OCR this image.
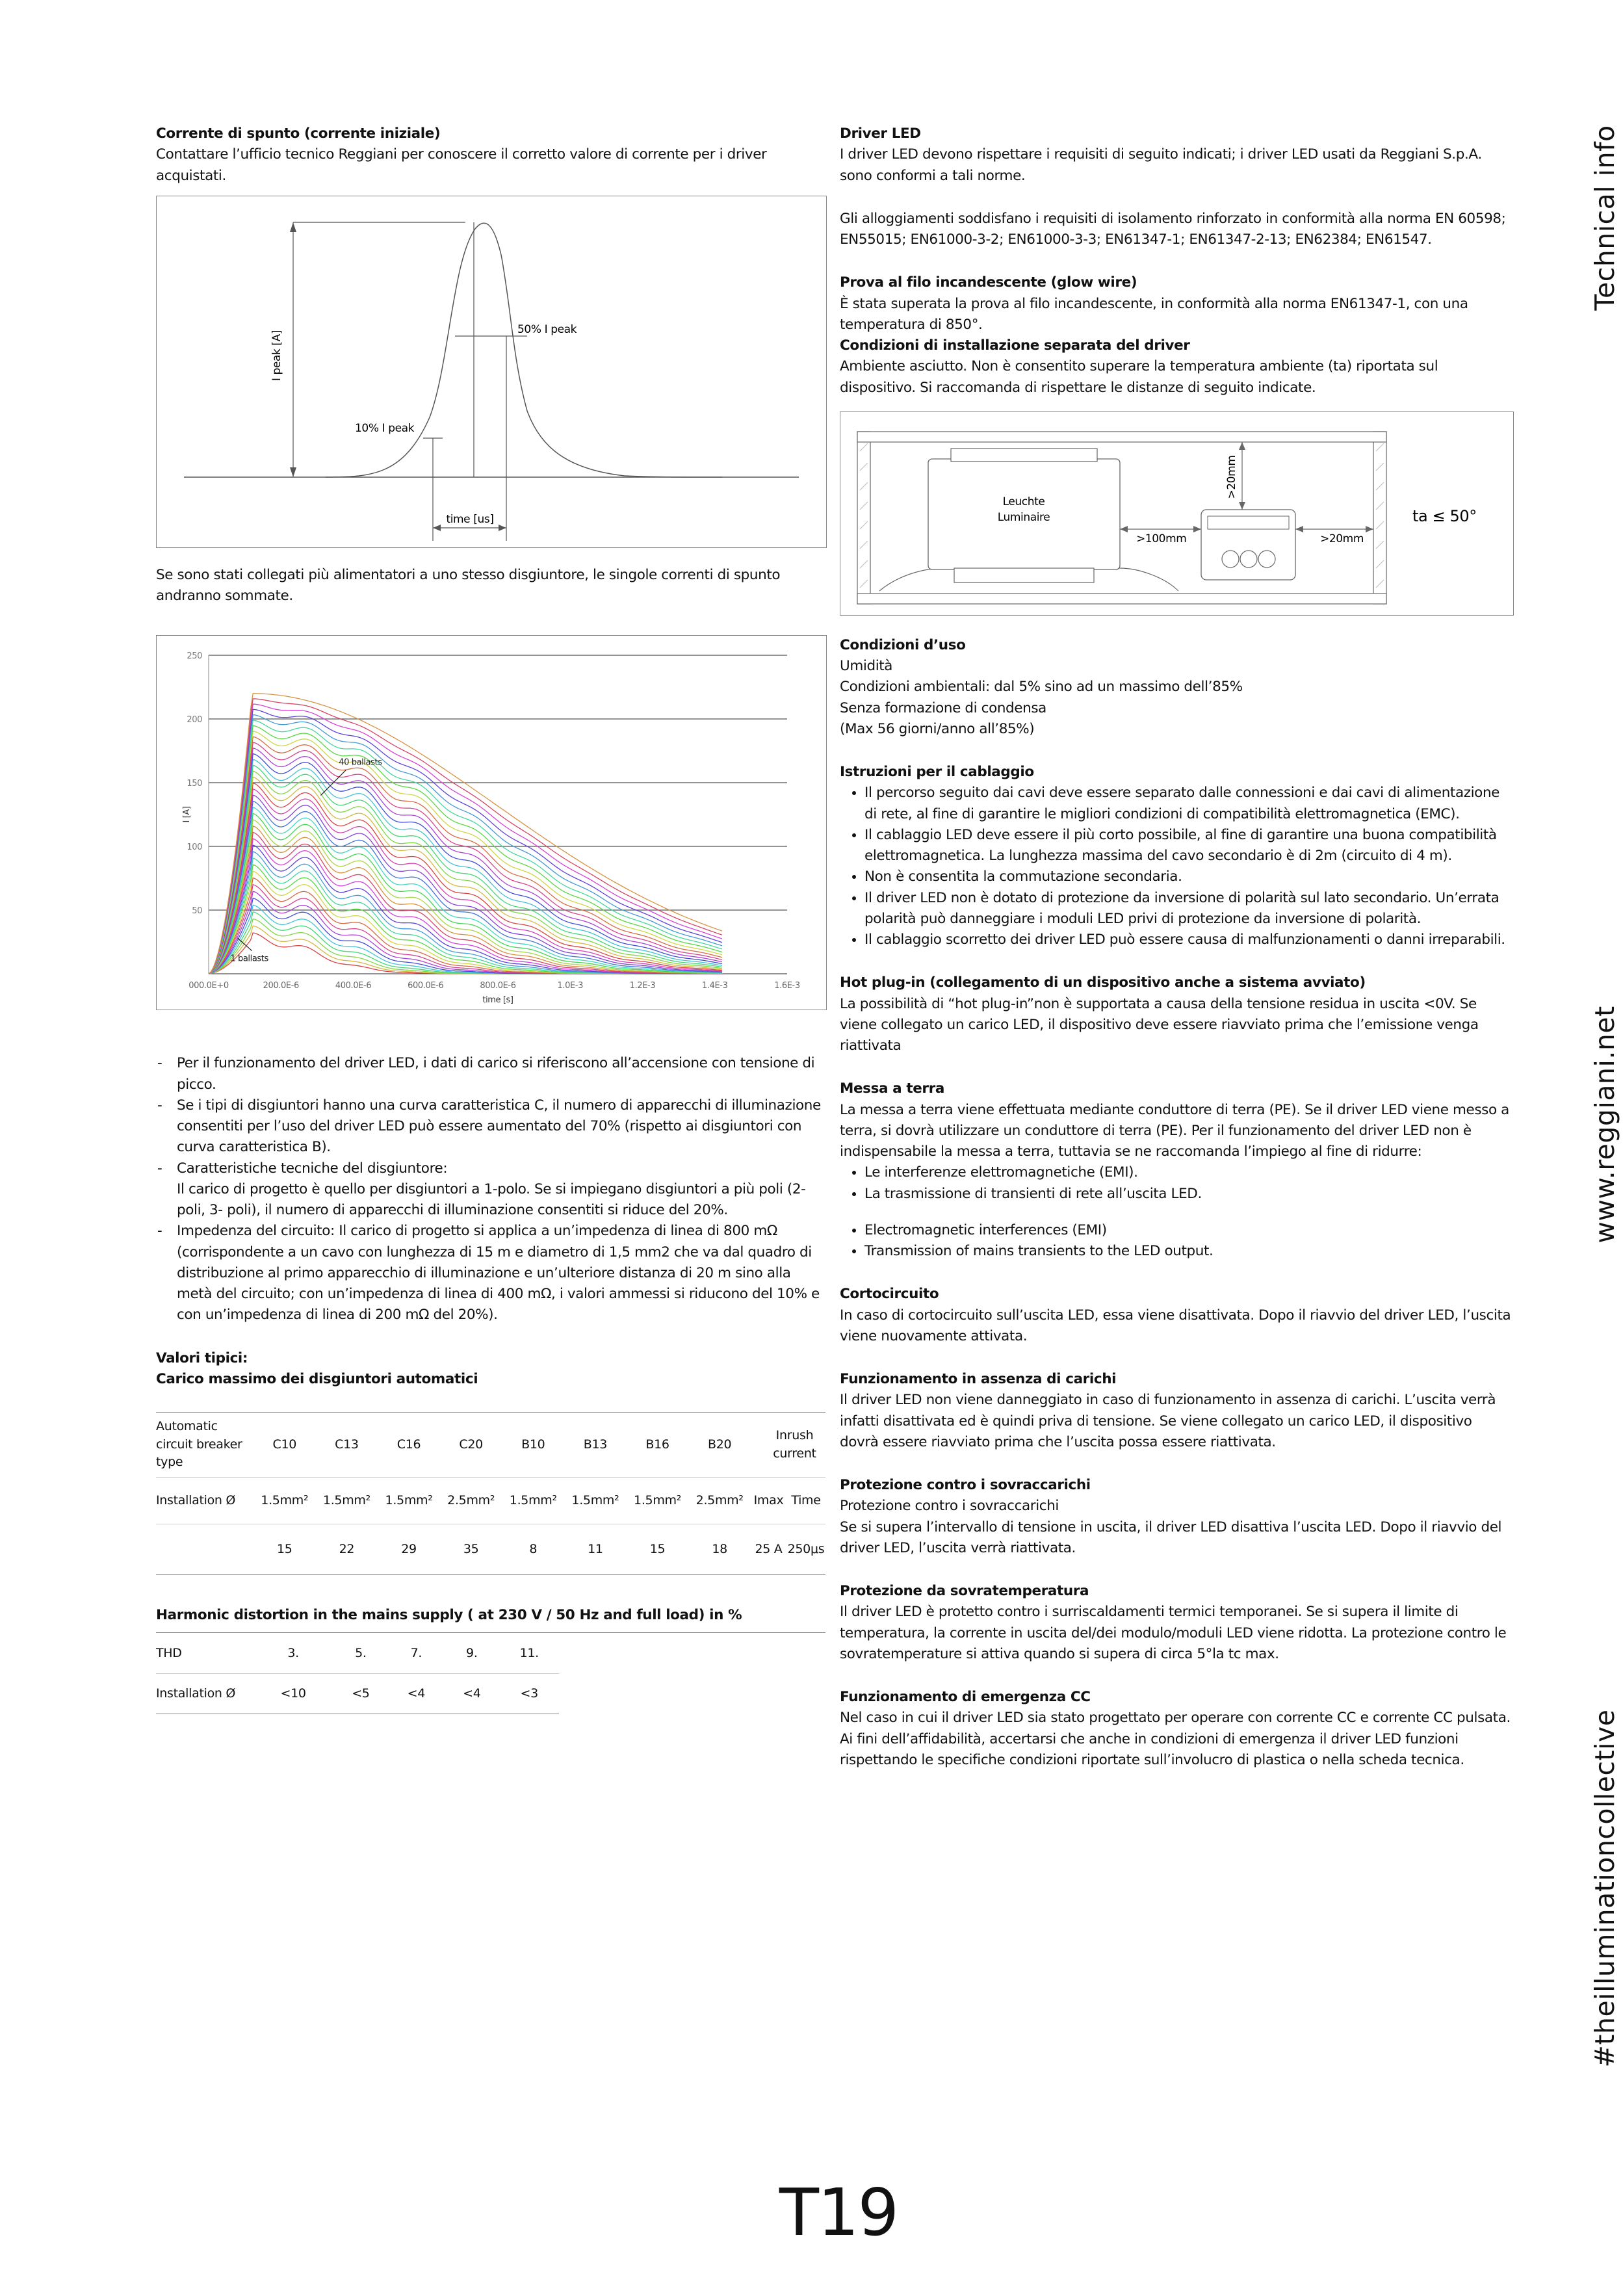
Corrente di spunto (corrente iniziale)

Contattare l’ufficio tecnico Reggiani per conoscere il corretto valore di corrente per i driver acquistati.

I peak [A]
50% I peak
10% I peak
time [us]

Se sono stati collegati più alimentatori a uno stesso disgiuntore, le singole correnti di spunto andranno sommate.

250
200
150
100
50
000.0E+0	200.0E-6	400.0E-6	600.0E-6	800.0E-6	1.0E-3	1.2E-3	1.4E-3	1.6E-3
time [s]
I [A]
40 ballasts
1 ballasts
- Per il funzionamento del driver LED, i dati di carico si riferiscono all’accensione con tensione di picco.
- Se i tipi di disgiuntori hanno una curva caratteristica C, il numero di apparecchi di illuminazione consentiti per l’uso del driver LED può essere aumentato del 70% (rispetto ai disgiuntori con curva caratteristica B).
- Caratteristiche tecniche del disgiuntore:
Il carico di progetto è quello per disgiuntori a 1-polo. Se si impiegano disgiuntori a più poli (2-poli, 3- poli), il numero di apparecchi di illuminazione consentiti si riduce del 20%.
- Impedenza del circuito: Il carico di progetto si applica a un’impedenza di linea di 800 mΩ (corrispondente a un cavo con lunghezza di 15 m e diametro di 1,5 mm2 che va dal quadro di distribuzione al primo apparecchio di illuminazione e un’ulteriore distanza di 20 m sino alla metà del circuito; con un’impedenza di linea di 400 mΩ, i valori ammessi si riducono del 10% e con un’impedenza di linea di 200 mΩ del 20%).

Valori tipici:

Carico massimo dei disgiuntori automatici

Automatic circuit breaker type	C10	C13	C16	C20	B10	B13	B16	B20	Inrush current	
Installation Ø	1.5mm²	1.5mm²	1.5mm²	2.5mm²	1.5mm²	1.5mm²	1.5mm²	2.5mm²	Imax	Time
	15	22	29	35	8	11	15	18	25 A	250μs

Harmonic distortion in the mains supply ( at 230 V / 50 Hz and full load) in %

THD	3.	5.	7.	9.	11.
Installation Ø	<10	<5	<4	<4	<3

Driver LED

I driver LED devono rispettare i requisiti di seguito indicati; i driver LED usati da Reggiani S.p.A. sono conformi a tali norme.

Gli alloggiamenti soddisfano i requisiti di isolamento rinforzato in conformità alla norma EN 60598;

EN55015; EN61000-3-2; EN61000-3-3; EN61347-1; EN61347-2-13; EN62384; EN61547.

Prova al filo incandescente (glow wire)

È stata superata la prova al filo incandescente, in conformità alla norma EN61347-1, con una temperatura di 850°.

Condizioni di installazione separata del driver

Ambiente asciutto. Non è consentito superare la temperatura ambiente (ta) riportata sul dispositivo. Si raccomanda di rispettare le distanze di seguito indicate.

Leuchte
Luminaire
>100mm
>20mm
>20mm
ta ≤ 50°

Condizioni d’uso

Umidità

Condizioni ambientali: dal 5% sino ad un massimo dell’85%

Senza formazione di condensa

(Max 56 giorni/anno all’85%)

Istruzioni per il cablaggio

• Il percorso seguito dai cavi deve essere separato dalle connessioni e dai cavi di alimentazione di rete, al fine di garantire le migliori condizioni di compatibilità elettromagnetica (EMC).
• Il cablaggio LED deve essere il più corto possibile, al fine di garantire una buona compatibilità elettromagnetica. La lunghezza massima del cavo secondario è di 2m (circuito di 4 m).
• Non è consentita la commutazione secondaria.
• Il driver LED non è dotato di protezione da inversione di polarità sul lato secondario. Un’errata polarità può danneggiare i moduli LED privi di protezione da inversione di polarità.
• Il cablaggio scorretto dei driver LED può essere causa di malfunzionamenti o danni irreparabili.

Hot plug-in (collegamento di un dispositivo anche a sistema avviato)

La possibilità di “hot plug-in”non è supportata a causa della tensione residua in uscita <0V. Se viene collegato un carico LED, il dispositivo deve essere riavviato prima che l’emissione venga riattivata

Messa a terra

La messa a terra viene effettuata mediante conduttore di terra (PE). Se il driver LED viene messo a terra, si dovrà utilizzare un conduttore di terra (PE). Per il funzionamento del driver LED non è indispensabile la messa a terra, tuttavia se ne raccomanda l’impiego al fine di ridurre:

• Le interferenze elettromagnetiche (EMI).
• La trasmissione di transienti di rete all’uscita LED.
• Electromagnetic interferences (EMI)
• Transmission of mains transients to the LED output.

Cortocircuito

In caso di cortocircuito sull’uscita LED, essa viene disattivata. Dopo il riavvio del driver LED, l’uscita viene nuovamente attivata.

Funzionamento in assenza di carichi

Il driver LED non viene danneggiato in caso di funzionamento in assenza di carichi. L’uscita verrà infatti disattivata ed è quindi priva di tensione. Se viene collegato un carico LED, il dispositivo dovrà essere riavviato prima che l’uscita possa essere riattivata.

Protezione contro i sovraccarichi

Protezione contro i sovraccarichi

Se si supera l’intervallo di tensione in uscita, il driver LED disattiva l’uscita LED. Dopo il riavvio del driver LED, l’uscita verrà riattivata.

Protezione da sovratemperatura

Il driver LED è protetto contro i surriscaldamenti termici temporanei. Se si supera il limite di temperatura, la corrente in uscita del/dei modulo/moduli LED viene ridotta. La protezione contro le sovratemperature si attiva quando si supera di circa 5°la tc max.

Funzionamento di emergenza CC

Nel caso in cui il driver LED sia stato progettato per operare con corrente CC e corrente CC pulsata. Ai fini dell’affidabilità, accertarsi che anche in condizioni di emergenza il driver LED funzioni rispettando le specifiche condizioni riportate sull’involucro di plastica o nella scheda tecnica.

Technical info
www.reggiani.net
#theilluminationcollective
T19
